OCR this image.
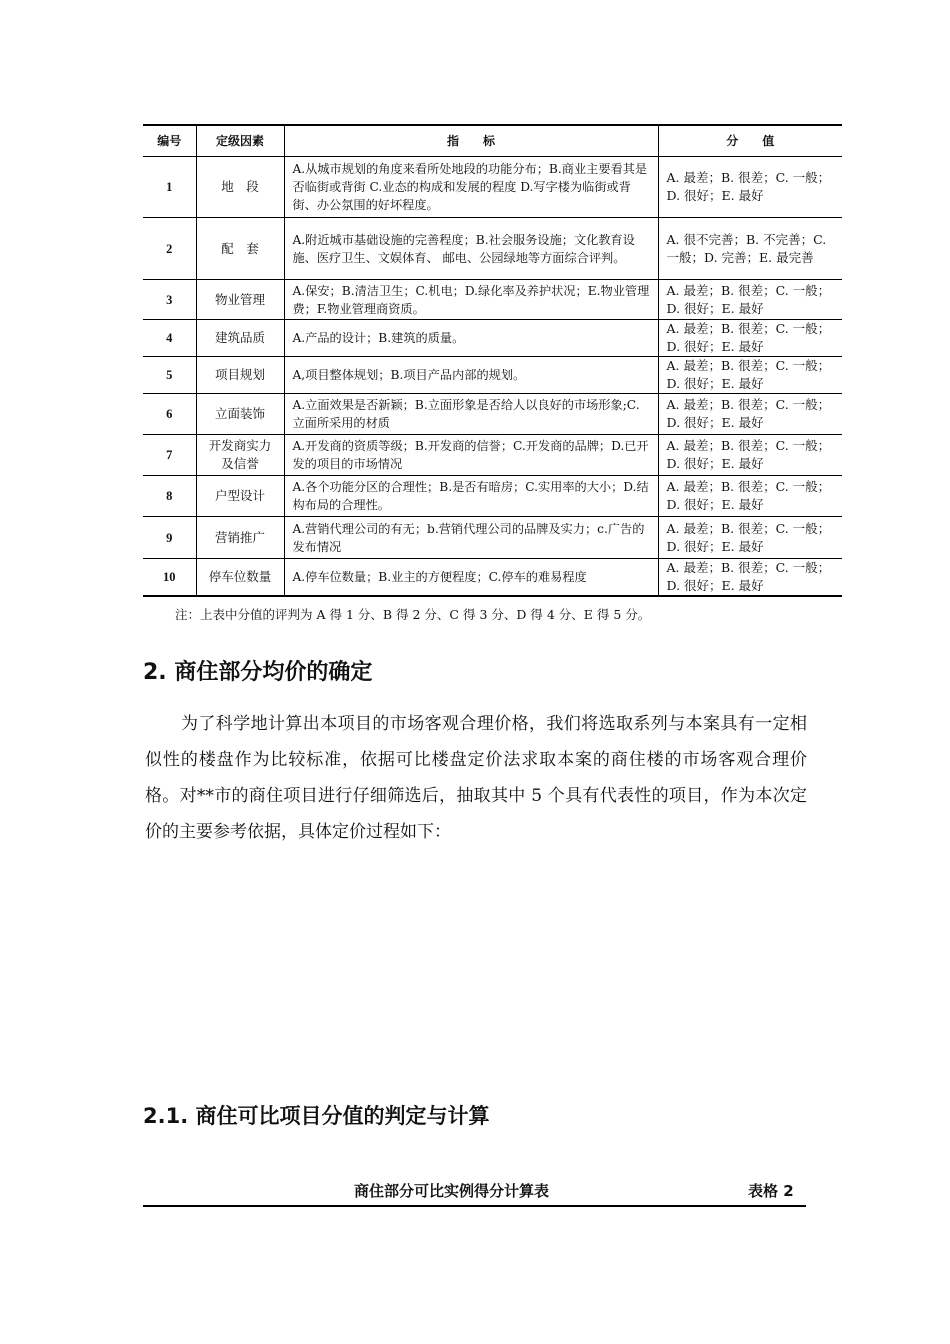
编号	定级因素	指　　标	分　　值
1	地　段	A.从城市规划的角度来看所处地段的功能分布；B.商业主要看其是否临街或背街 C.业态的构成和发展的程度 D.写字楼为临街或背街、办公氛围的好坏程度。	A. 最差；B. 很差；C. 一般；D. 很好；E. 最好
2	配　套	A.附近城市基础设施的完善程度；B.社会服务设施；文化教育设施、医疗卫生、文娱体育、 邮电、公园绿地等方面综合评判。	A. 很不完善；B. 不完善；C. 一般；D. 完善；E. 最完善
3	物业管理	A.保安；B.清洁卫生；C.机电；D.绿化率及养护状况；E.物业管理费；F.物业管理商资质。	A. 最差；B. 很差；C. 一般；D. 很好；E. 最好
4	建筑品质	A.产品的设计；B.建筑的质量。	A. 最差；B. 很差；C. 一般；D. 很好；E. 最好
5	项目规划	A,项目整体规划；B.项目产品内部的规划。	A. 最差；B. 很差；C. 一般；D. 很好；E. 最好
6	立面装饰	A.立面效果是否新颖；B.立面形象是否给人以良好的市场形象;C.立面所采用的材质	A. 最差；B. 很差；C. 一般；D. 很好；E. 最好
7	开发商实力及信誉	A.开发商的资质等级；B.开发商的信誉；C.开发商的品牌；D.已开发的项目的市场情况	A. 最差；B. 很差；C. 一般；D. 很好；E. 最好
8	户型设计	A.各个功能分区的合理性；B.是否有暗房；C.实用率的大小；D.结构布局的合理性。	A. 最差；B. 很差；C. 一般；D. 很好；E. 最好
9	营销推广	A.营销代理公司的有无；b.营销代理公司的品牌及实力；c.广告的发布情况	A. 最差；B. 很差；C. 一般；D. 很好；E. 最好
10	停车位数量	A.停车位数量；B.业主的方便程度；C.停车的难易程度	A. 最差；B. 很差；C. 一般；D. 很好；E. 最好
注：上表中分值的评判为 A 得 1 分、B 得 2 分、C 得 3 分、D 得 4 分、E 得 5 分。
2. 商住部分均价的确定

为了科学地计算出本项目的市场客观合理价格，我们将选取系列与本案具有一定相似性的楼盘作为比较标准，依据可比楼盘定价法求取本案的商住楼的市场客观合理价格。对**市的商住项目进行仔细筛选后，抽取其中 5 个具有代表性的项目，作为本次定价的主要参考依据，具体定价过程如下：

2.1. 商住可比项目分值的判定与计算
商住部分可比实例得分计算表	表格 2
